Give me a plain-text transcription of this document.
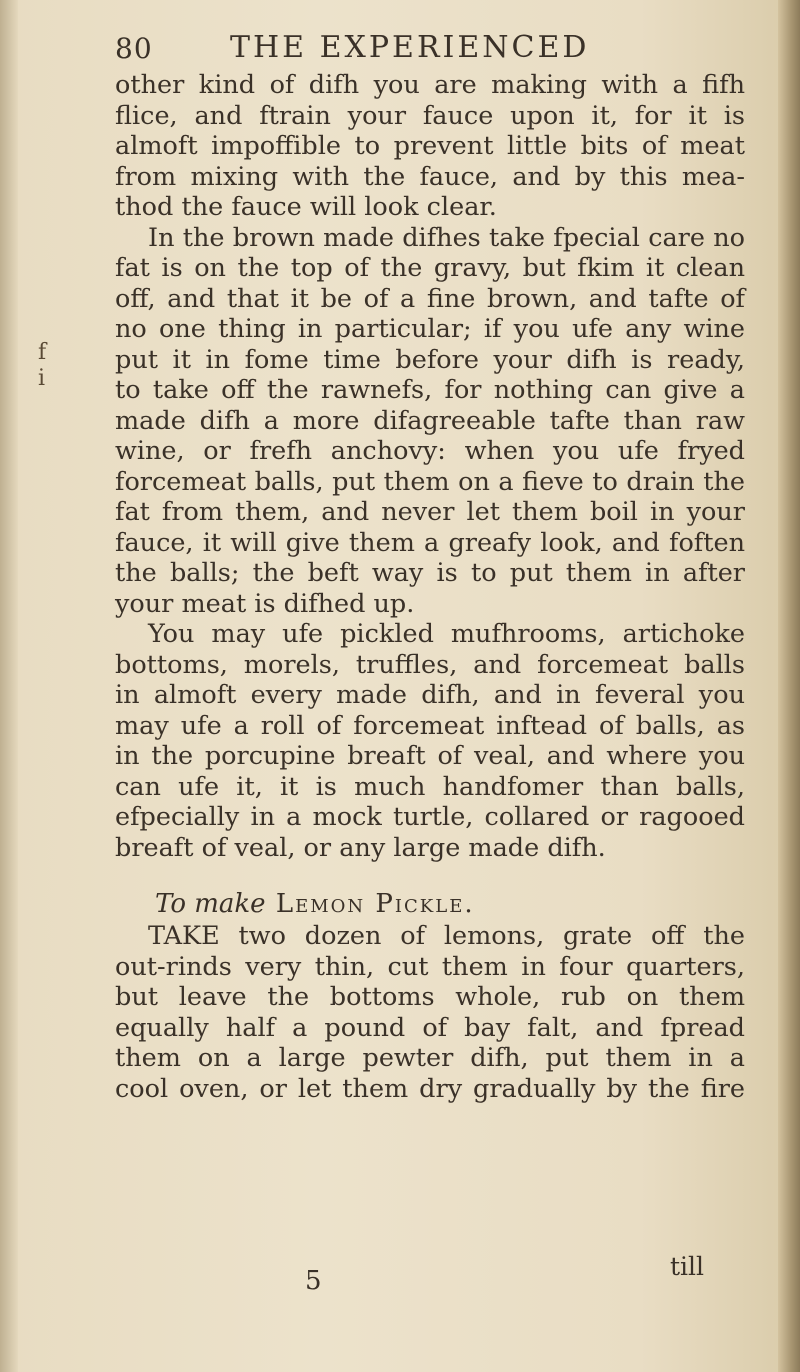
80	THE EXPERIENCED
f
i
other kind of difh you are making with a fifh
flice, and ftrain your fauce upon it, for it is
almoft impoffible to prevent little bits of meat
from mixing with the fauce, and by this mea-
thod the fauce will look clear.
In the brown made difhes take fpecial care no
fat is on the top of the gravy, but fkim it clean
off, and that it be of a fine brown, and tafte of
no one thing in particular; if you ufe any wine
put it in fome time before your difh is ready,
to take off the rawnefs, for nothing can give a
made difh a more difagreeable tafte than raw
wine, or frefh anchovy: when you ufe fryed
forcemeat balls, put them on a fieve to drain the
fat from them, and never let them boil in your
fauce, it will give them a greafy look, and foften
the balls; the beft way is to put them in after
your meat is difhed up.
You may ufe pickled mufhrooms, artichoke
bottoms, morels, truffles, and forcemeat balls
in almoft every made difh, and in feveral you
may ufe a roll of forcemeat inftead of balls, as
in the porcupine breaft of veal, and where you
can ufe it, it is much handfomer than balls,
efpecially in a mock turtle, collared or ragooed
breaft of veal, or any large made difh.
To make Lemon Pickle.
TAKE two dozen of lemons, grate off the
out-rinds very thin, cut them in four quarters,
but leave the bottoms whole, rub on them
equally half a pound of bay falt, and fpread
them on a large pewter difh, put them in a
cool oven, or let them dry gradually by the fire
5	till
